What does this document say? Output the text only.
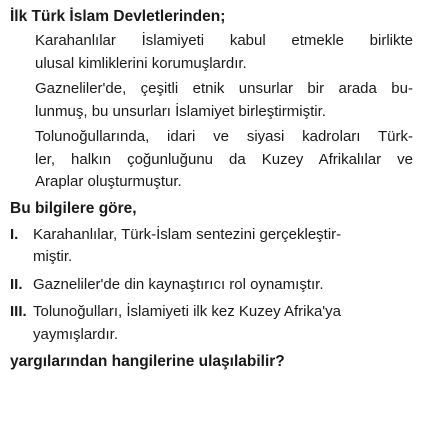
İlk Türk İslam Devletlerinden;
Karahanlılar İslamiyeti kabul etmekle birlikte
ulusal kimliklerini korumuşlardır.
Gazneliler'de, çeşitli etnik unsurlar bir arada bu-
lunmuş, bu unsurları İslamiyet birleştirmiştir.
Tolunoğullarında, idari ve siyasi kadroları Türk-
ler, halkın çoğunluğunu da Kuzey Afrikalılar ve
Araplar oluşturmuştur.
Bu bilgilere göre,
I. Karahanlılar, Türk-İslam sentezini gerçekleştir-
miştir.
II. Gazneliler'de din kaynaştırıcı rol oynamıştır.
III. Tolunoğulları, İslamiyeti ilk kez Kuzey Afrika'ya
yaymışlardır.
yargılarından hangilerine ulaşılabilir?
